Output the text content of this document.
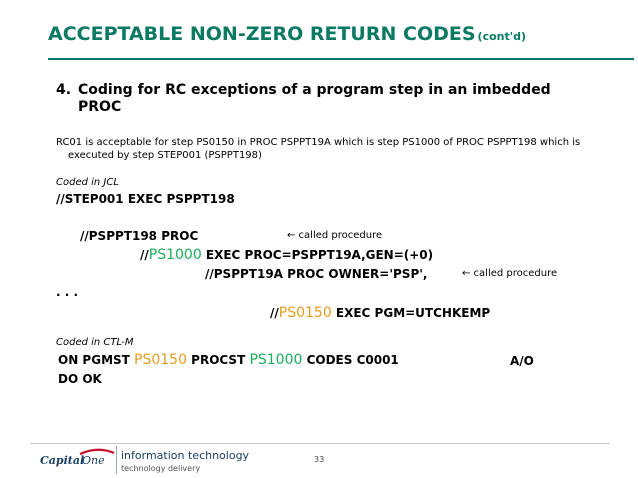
ACCEPTABLE NON-ZERO RETURN CODES (cont'd)
4. Coding for RC exceptions of a program step in an imbedded PROC
RC01 is acceptable for step PS0150 in PROC PSPPT19A which is step PS1000 of PROC PSPPT198 which is executed by step STEP001 (PSPPT198)
Coded in JCL
//STEP001 EXEC PSPPT198
//PSPPT198 PROC	← called procedure
//PS1000 EXEC PROC=PSPPT19A,GEN=(+0)
//PSPPT19A PROC OWNER='PSP',	← called procedure
. . .
//PS0150 EXEC PGM=UTCHKEMP
Coded in CTL-M
ON PGMST PS0150 PROCST PS1000 CODES C0001	A/O
DO OK
Capital
One information technology
technology delivery
33
